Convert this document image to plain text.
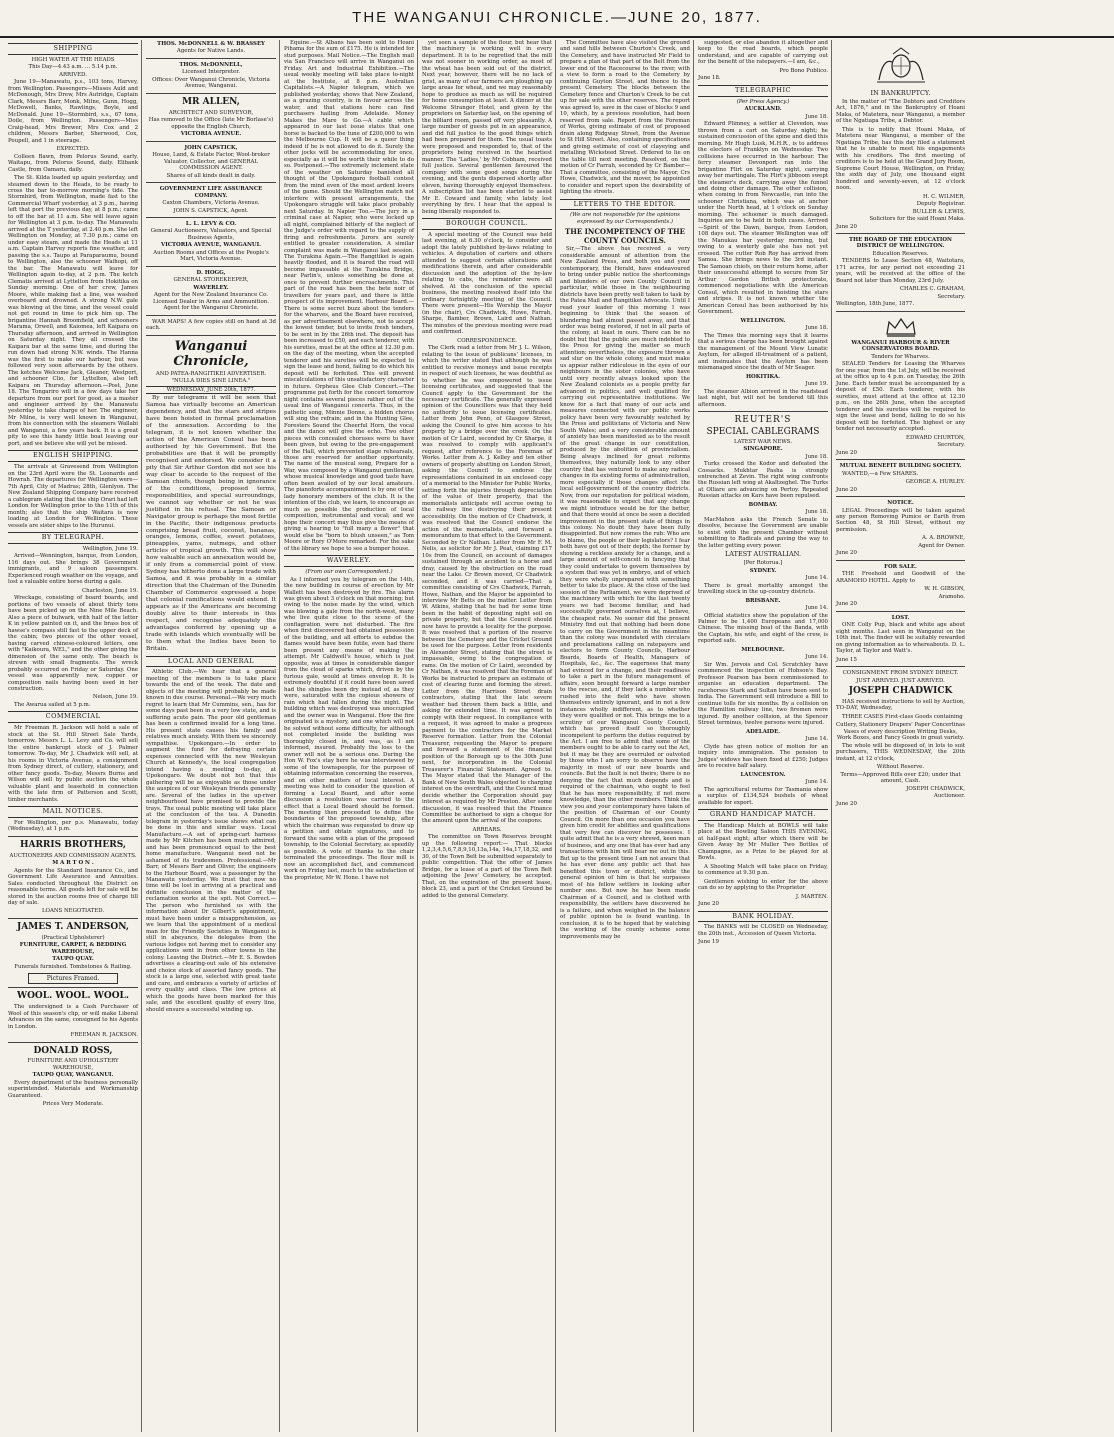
THE WANGANUI CHRONICLE.—JUNE 20, 1877.
SHIPPING
HIGH WATER AT THE HEADS
This Day—4.43 a.m. ... 5.14 p.m.
ARRIVED.
June 19—Manawatu, p.s., 103 tons, Harvey, from Wellington. Passengers—Misses Auld and McDonough, Mrs Drew, Mrs Autridge, Captain Clark, Messrs Barr, Monk, Milne, Gunn, Hogg, McDowell, Banks, Rawlings, Boyle, and McDonald. June 19—Stormbird, s.s., 67 tons, Doile, from Wellington. Passengers—Miss Craig-head, Mrs Brewer, Mrs Cox and 2 children, Messrs Barber, Sherwood, Cox, Poupell, and 1 in steerage.
EXPECTED.
Colleen Bawn, from Pelorus Sound, early. Waitapu, from Pelorus Sound, daily. Elibank Castle, from Oamaru, daily.
The St. Kilda loaded up again yesterday, and steamed down to the Heads, to be ready to cross the bar to-morrow morning's tide. The Stormbird, from Wellington, made fast to the Commercial Wharf yesterday, at 3 p.m., having left that port the previous day, at 8 p.m.; came to off the bar at 11 a.m. She will leave again for Wellington at 3 p.m. to-day. The Manawatu arrived at the T yesterday, at 2.40 p.m. She left Wellington on Monday, at 7.30 p.m.; came on under easy steam, and made the Heads at 11 a.m. Captain Harvey reports fine weather, and passing the s.s. Taupo at Paraparaumu, bound to Wellington, also the schooner Waihopi, off the bar. The Manawatu will leave for Wellington again to-day, at 2 p.m. The ketch Clematis arrived at Lyttelton from Hokitika on Sunday morning. One of her crew, James Moore, while making fast a line, was washed overboard and drowned. A strong N.W. gale was blowing at the time, and the vessel could not get round in time to pick him up. The brigantine Hannah Broomfield, and schooners Marama, Orwell, and Kaiomea, left Kaipara on Thursday afternoon, and arrived in Wellington on Saturday night. They all crossed the Kaipara bar at the same time, and during the run down had strong N.W. winds. The Hanna was the first to make our harbour, but was followed very soon afterwards by the others. The ketches Welcome Jack, Gleaner, Westport, and schooner Clio, for Lyttelton, also left Kaipara on Thursday afternoon.—Post, June 18. The Tongariro will in a few days take her departure from our port for good, as a master and engineer arrived by the Manawatu yesterday to take charge of her. The engineer, Mr Milne, is very well known in Wanganui, from his connection with the steamers Wallabi and Wanganui, a few years back. It is a great pity to see this handy little boat leaving our port, and we believe she will yet be missed.
ENGLISH SHIPPING.
The arrivals at Gravesend from Wellington on the 23rd April were the St. Leonards and Howrah. The departures for Wellington were—7th April, City of Madras; 28th, Glenlyon. The New Zealand Shipping Company have received a cablegram stating that the ship Orari had left London for Wellington prior to the 11th of this month; also that the ship Waitara is now loading at London for Wellington. These vessels are sister ships to the Hurunui.
BY TELEGRAPH.
Wellington, June 19.
Arrived—Wennington, barque, from London, 116 days out. She brings 38 Government immigrants, and 9 saloon passengers. Experienced rough weather on the voyage, and lost a valuable entire horse during a gale.
Charleston, June 19.
Wreckage, consisting of board boards, and portions of two vessels of about thirty tons have been picked up on the Nine Mile Beach. Also a piece of bulwark, with half of the letter K in yellow painted on it, and the brass box of hawse's compass still fast to the upper deck of the cabin; two pieces of the other vessel, having carved chinese-coloured letters, one with "Kaikoura, WEL," and the other giving the dimension of the same only. The beach is strewn with small fragments. The wreck probably occurred on Friday or Saturday. One vessel was apparently new, copper or composition nails having been used in her construction.
Nelson, June 19.
The Awarua sailed at 5 p.m.
COMMERCIAL
Mr Freeman R. Jackson will hold a sale of stock at the St. Hill Street Sale Yards, tomorrow. Messrs L. L. Levy and Co. will sell the entire bankrupt stock of J. Palmer tomorrow. To-day, Mr J. Chadwick will sell, at his rooms in Victoria Avenue, a consignment from Sydney direct, of cutlery, stationery, and other fancy goods. To-day, Messrs Burns and Wilson will sell by public auction the whole valuable plant and leasehold in connection with the late firm of Patterson and Scott, timber merchants.
MAIL NOTICES.
For Wellington, per p.s. Manawatu, today (Wednesday), at 1 p.m.
HARRIS BROTHERS,
AUCTIONEERS AND COMMISSION AGENTS.
M A R T O N .
Agents for the Standard Insurance Co., and Government Life Assurance and Annuities. Sales conducted throughout the District on reasonable terms. All goods left for sale will be stored in the auction rooms free of charge till day of sale.
LOANS NEGOTIATED.
JAMES T. ANDERSON,
(Practical Upholsterer)
FURNITURE, CARPET, & BEDDING WAREHOUSE,
TAUPO QUAY.
Funerals furnished. Tombstones & Railing.
Pictures Framed.
WOOL. WOOL. WOOL.
The undersigned is a Cash Purchaser of Wool of this season's clip, or will make Liberal Advances on the same, consigned to his Agents in London.
FREEMAN R. JACKSON.
DONALD ROSS,
FURNITURE AND UPHOLSTERY WAREHOUSE,
TAUPO QUAY, WANGANUI.
Every department of the business personally superintended. Materials and Workmanship Guaranteed.
Prices Very Moderate.
THOS. McDONNELL & W. BRASSEY
Agents for Native Lands.
THOS. McDONNELL,
Licensed Interpreter.
Offices: Over Wanganui Chronicle, Victoria Avenue, Wanganui.
MR ALLEN,
ARCHITECT AND SURVEYOR,
Has removed to the Office (late Mr Borlase's) opposite the English Church,
VICTORIA AVENUE.
JOHN CAPSTICK,
House, Land, & Estate Factor, Wool-broker Valuator, Collector, and GENERAL COMMISSION AGENT.
Shares of all kinds dealt in daily.
GOVERNMENT LIFE ASSURANCE COMPANY.
Caxton Chambers, Victoria Avenue.
JOHN S. CAPSTICK, Agent.
L. L. LEVY & CO.
General Auctioneers, Valuators, and Special Business Agents,
VICTORIA AVENUE, WANGANUI.
Auction Rooms and Offices at the People's Mart, Victoria Avenue.
D. HOGG,
GENERAL STOREKEEPER,
WAVERLEY.
Agent for the New Zealand Insurance Co. Licensed Dealer in Arms and Ammunition. Agent for the Wanganui Chronicle.
WAR MAPS! A few copies still on hand at 3d each.
Wanganui Chronicle,
AND PATEA-RANGITIKEI ADVERTISER.
"NULLA DIES SINE LINEA."
WEDNESDAY, JUNE 20th, 1877.
By our telegrams it will be seen that Samoa has virtually become an American dependency, and that the stars and stripes have been hoisted in formal proclamation of the annexation. According to the telegram, it is not known whether the action of the American Consul has been authorised by his Government. But the probabilities are that it will be promptly recognised and endorsed. We consider it a pity that Sir Arthur Gordon did not see his way clear to accede to the request of the Samoan chiefs, though being in ignorance of the conditions, proposed terms, responsibilities, and special surroundings, we cannot say whether or not he was justified in his refusal. The Samoan or Navigator group is perhaps the most fertile in the Pacific, their indigenous products comprising bread fruit, coconut, bananas, oranges, lemons, coffee, sweet potatoes, pineapples, yams, nutmegs, and other articles of tropical growth. This will show how valuable such an annexation would be, if only from a commercial point of view. Sydney has hitherto done a large trade with Samoa, and it was probably in a similar direction that the Chairman of the Dunedin Chamber of Commerce expressed a hope that colonial ramifications would extend. It appears as if the Americans are becoming doubly alive to their interests in this respect, and recognise adequately the advantages conferred by opening up a trade with islands which eventually will be to them what the Indies have been to Britain.
LOCAL AND GENERAL
Athletic Club.—We hear that a general meeting of the members is to take place towards the end of the week. The date and objects of the meeting will probably be made known in due course. Personal.—We very much regret to learn that Mr Cummins, sen., has for some days past been in a very low state, and is suffering acute pain. The poor old gentleman has been a confirmed invalid for a long time. His present state causes his family and relatives much anxiety. With them we sincerely sympathise. Upokongaro.—In order to augment the fund for defraying certain expenses connected with the new Wesleyan Church at Kennedy's, the local congregation intend having a meeting to-day, at Upokongaro. We doubt not but that this gathering will be as enjoyable as those under the auspices of our Wesleyan friends generally are. Several of the ladies in the up-river neighbourhood have promised to provide the trays. The usual public meeting will take place at the conclusion of the tea. A Dunedin telegram in yesterday's issue shows what can be done in this and similar ways. Local Manufacture.—A set of spring-cart harness made by Mr Kitchen has been much admired, and has been pronounced equal to the best home manufacture. Wanganui need not be ashamed of its tradesmen. Professional.—Mr Barr, of Messrs Barr and Oliver, the engineers to the Harbour Board, was a passenger by the Manawatu yesterday. We trust that now no time will be lost in arriving at a practical and definite conclusion in the matter of the reclamation works at the spit. Not Correct.—The person who furnished us with the information about Dr Gilbert's appointment, must have been under a misapprehension, as we learn that the appointment of a medical man for the Friendly Societies in Wanganui is still in abeyance, the delegates from the various lodges not having met to consider any applications sent in from other towns in the colony. Leaving the District.—Mr E. S. Bowden advertises a clearing-out sale of his extensive and choice stock of assorted fancy goods. The stock is a large one, selected with great taste and care, and embraces a variety of articles of every quality and class. The low prices at which the goods have been marked for this sale, and the excellent quality of every line, should ensure a successful winding up.
Equine.—St Albans has been sold to Hoani Pihama for the sum of £175. He is intended for stud purposes. Mail Notice.—The English mail via San Francisco will arrive in Wanganui on Friday. Art and Industrial Exhibition.—The usual weekly meeting will take place to-night at the Institute, at 8 p.m. Australian Capitalists.—A Napier telegram, which we published yesterday, shows that New Zealand, as a grazing country, is in favour across the water, and that stations here can find purchasers hailing from Adelaide. Money Makes the Mare to Go.—A cable which appeared in our last issue states that one horse is backed to the tune of £200,000 to win the Melbourne Cup. It will be a queer thing indeed if he is not allowed to do it. Surely the other jocks will be accommodating for once, especially as it will be worth their while to do so. Postponed.—The extremely inclement state of the weather on Saturday banished all thought of the Upokongaro football contest from the mind even of the most ardent lovers of the game. Should the Wellington match not interfere with present arrangements, the Upokongaro struggle will take place probably next Saturday. In Napier Too.—The jury in a criminal case at Napier, who were locked up all night, complained bitterly of the neglect of the Judge's order with regard to the supply of firing and refreshments. Jurors are surely entitled to greater consideration. A similar complaint was made in Wanganui last session. The Turakina Again.—The Rangitikei is again heavily flooded, and it is feared the road will become impassable at the Turakina Bridge, near Parlin's, unless something be done at once to prevent further encroachments. This part of the road has been the bete noir of travellers for years past, and there is little prospect of its improvement. Harbour Board.—There is some secret buzz about the tenders for the wharves, and the Board have received, as per advertisement elsewhere, not to accept the lowest tender, but to invite fresh tenders, to be sent in by the 26th inst. The deposit has been increased to £50, and each tenderer, with his sureties, must be at the office at 12.30 p.m. on the day of the meeting, when the accepted tenderer and his sureties will be expected to sign the lease and bond, failing to do which his deposit will be forfeited. This will prevent miscalculations of this unsatisfactory character in future. Orpheus Glee Club Concert.—The programme put forth for the concert tomorrow night contains several pieces rather out of the usual line of Wanganui concerts. Thus, in the pathetic song, Minnie Donne, a hidden chorus will sing the refrain; and in the Hunting Glee, Foresters Sound the Cheerful Horn, the vocal and the dance will give the echo. Two other pieces with concealed choruses were to have been given, but owing to the pre-engagement of the Hall, which prevented stage rehearsals, those are reserved for another opportunity. The name of the musical song, Prepare for a War, was composed by a Wanganui gentleman, whose musical knowledge and good taste have often been availed of by our local amateurs. The pianoforte accompaniment is by one of the lady honorary members of the club. It is the intention of the club, we learn, to encourage as much as possible the production of local composition, instrumental and vocal; and we hope their concert may thus give the means of giving a hearing to "full many a flower" that would else be "born to blush unseen," as Tom Moore or Rory O'More remarked. For the sake of the library we hope to see a bumper house.
WAVERLEY.
(From our own Correspondent.)
As I informed you by telegram on the 14th, the new building in course of erection by Mr Wallett has been destroyed by fire. The alarm was given about 3 o'clock on that morning; but owing to the noise made by the wind, which was blowing a gale from the north-west, many who live quite close to the scene of the conflagration were not disturbed. The fire when first discovered had obtained possession of the building, and all efforts to subdue the flames would have been futile, even had there been present any means of making the attempt. Mr Caldwell's house, which is just opposite, was at times in considerable danger from the cloud of sparks which, driven by the furious gale, would at times envelop it. It is extremely doubtful if it could have been saved had the shingles been dry instead of, as they were, saturated with the copious showers of rain which had fallen during the night. The building which was destroyed was unoccupied and the owner was in Wanganui. How the fire originated is a mystery, and one which will not be solved without some difficulty, for although not completed inside the building was thoroughly closed in, and was, as I am informed, insured. Probably the loss to the owner will not be a serious one. During the Hon W. Fox's stay here he was interviewed by some of the townspeople, for the purpose of obtaining information concerning the reserves, and on other matters of local interest. A meeting was held to consider the question of forming a Local Board, and after some discussion a resolution was carried to the effect that a Local Board should be formed. The meeting then proceeded to define the boundaries of the proposed township, after which the chairman was requested to draw up a petition and obtain signatures, and to forward the same with a plan of the proposed township, to the Colonial Secretary, as speedily as possible. A vote of thanks to the chair terminated the proceedings. The flour mill is now an accomplished fact, and commenced work on Friday last, much to the satisfaction of the proprietor, Mr W. Hone. I have not
yet seen a sample of the flour, but hear that the machinery is working well in every department. It is to be regretted that the mill was not sooner in working order, as most of the wheat has been sold out of the district. Next year, however, there will be no lack of grist, as many of our farmers are ploughing up large areas for wheat, and we may reasonably hope to produce as much as will be required for home consumption at least. A dinner at the Welcome Stranger Hotel, and given by the proprietors on Saturday last, on the opening of the billiard room, passed off very pleasantly. A large number of guests put in an appearance, and did full justice to the good things which had been prepared for them. The usual toasts were proposed and responded to, that of the proprietors being received in the heartiest manner. The 'Ladies,' by Mr Cobham, received full justice. Several gentlemen favoured the company with some good songs during the evening, and the gents dispersed shortly after eleven, having thoroughly enjoyed themselves. A subscription list has been started to assist Mr E. Coward and family, who lately lost everything by fire. I hear that the appeal is being liberally responded to.
BOROUGH COUNCIL.
A special meeting of the Council was held last evening, at 6.30 o'clock, to consider and adopt the lately published by-laws relating to vehicles. A deputation of carters and others attended to suggest certain alterations and modifications therein, and after considerable discussion and the adoption of the by-law relating to cabs, the remainder were all shelved. At the conclusion of the special business, the meeting resolved itself into the ordinary fortnightly meeting of the Council. There were present—His Worship the Mayor (in the chair), Crs Chadwick, Howe, Farrah, Sharpe, Bamber, Brown, Laird and Nathan. The minutes of the previous meeting were read and confirmed.
CORRESPONDENCE.
The Clerk read a letter from Mr J. L. Wilson, relating to the issue of publicans' licenses, in which the writer stated that although he was entitled to receive moneys and issue receipts in respect of such licenses, he was doubtful as to whether he was empowered to issue licensing certificates, and suggested that the Council apply to the Government for the necessary certificate. The generally expressed opinion of the Councillors was that they held no authority to issue licensing certificates. Letter from John Penn, of Glasgow Street, asking the Council to give him access to his property by a bridge over the creek. On the motion of Cr Laird, seconded by Cr Sharpe, it was resolved to comply with applicant's request, after reference to the Foreman of Works. Letter from A. J. Kelley and ten other owners of property abutting on London Street, asking the Council to endorse the representations contained in an enclosed copy of a memorial to the Minister for Public Works, setting forth the injuries through depreciation of the value of their property, that the memorialists anticipate will accrue owing to the railway line destroying their present accessibility. On the motion of Cr Chadwick, it was resolved that the Council endorse the action of the memorialists, and forward a memorandum to that effect to the Government. Seconded by Cr Nathan. Letter from Mr F. M. Nelis, as solicitor for Mr J. Peat, claiming £17 10s from the Council, on account of damages sustained through an accident to a horse and dray, caused by the obstruction on the road near the Lake. Cr Brown moved, Cr Chadwick seconded, and it was carried—That a committee consisting of Crs Chadwick, Farrah, Howe, Nathan, and the Mayor be appointed to interview Mr Betts on the matter. Letter from W. Atkins, stating that he had for some time been in the habit of depositing night soil on private property, but that the Council should now have to provide a locality for the purpose. It was resolved that a portion of the reserve between the Cemetery and the Cricket Ground be used for the purpose. Letter from residents in Alexander Street, stating that the street is impassable, owing to the congregation of rams. On the motion of Cr Laird, seconded by Cr Nathan, it was resolved that the Foreman of Works be instructed to prepare an estimate of cost of clearing furze and forming the street. Letter from the Harrison Street drain contractors, stating that the late severe weather had thrown them back a little, and asking for extended time. It was agreed to comply with their request. In compliance with a request, it was agreed to make a progress payment to the contractors for the Market Reserve formation. Letter from the Colonial Treasurer, requesting the Mayor to prepare and forward a statement of the financial position of the Borough up to the 30th June next, for incorporation in the Colonial Treasurer's Financial Statement. Agreed to. The Mayor stated that the Manager of the Bank of New South Wales objected to charging interest on the overdraft, and the Council must decide whether the Corporation should pay interest as required by Mr Preston. After some discussion, it was resolved that the Finance Committee be authorised to sign a cheque for the amount upon the arrival of the coupons.
ARREARS.
The committee on Town Reserves brought up the following report:— That blocks 1,2,3,4,5,6,7,8,9,10,13a,14a, 14a,17,18,32, and 30, of the Town Belt be submitted separately to public competition. That the offer of James Bridge, for a lease of a part of the Town Belt adjoining the Jews' Cemetery, be accepted. That, on the expiration of the present lease, block 23, and a part of the Cricket Ground be added to the general Cemetery.
The Committee have also visited the ground and sand hills between Churton's Creek, and the Cemetery, and have instructed Mr Field to prepare a plan of that part of the Belt from the lower end of the Racecourse to the river, with a view to form a road to the Cemetery by continuing Guyton Street, and thence to the present Cemetery. The blocks between the Cemetery fence and Churton's Creek to be cut up for sale with the other reserves. The report was agreed to, save in the case of blocks 9 and 10, which, by a previous resolution, had been reserved from sale. Report from the Foreman of Works, giving estimate of cost of proposed drain along Ridgway Street, from the Avenue to St Hill Street. Also, containing specifications and giving estimate of cost of clayeying and metalling Wicksteed Street. Ordered to lie on the table till next meeting. Resolved, on the motion of Cr Farrah, seconded by Cr Bamber—That a committee, consisting of the Mayor, Crs Howe, Chadwick, and the mover, be appointed to consider and report upon the desirability of lighting the streets.
LETTERS TO THE EDITOR.
(We are not responsible for the opinions expressed by our Correspondents.)
THE INCOMPETENCY OF THE COUNTY COUNCILS.
Sir,—The above has received a very considerable amount of attention from the New Zealand Press, and both you and your contemporary, the Herald, have endeavoured to bring under public notice the shortcomings and blunders of our own County Council in particular, while those in the neighbouring districts have been pretty well taken to task by the Patea Mail and Rangitikei Advocate. Until I read your leader of this morning I was beginning to think that the season of blundering had almost passed away, and that order was being restored, if not in all parts of the colony, at least in ours. There can be no doubt but that the public are much indebted to the Press for giving the matter so much attention; nevertheless, the exposure thrown a sad slur on the whole colony, and must make us appear rather ridiculous in the eyes of our neighbours in the sister colonies, who have until very recently always looked upon the New Zealand colonists as a people pretty far advanced in politics, and well qualified for carrying out representative institutions. We know for a fact that many of our acts and measures connected with our public works policy have been very favourably watched by the Press and politicians of Victoria and New South Wales; and a very considerable amount of anxiety has been manifested as to the result of the great change in our constitution, produced by the abolition of provincialism. Being always inclined for great reforms themselves, they naturally look to any other country that has ventured to make any radical changes in its existing forms of administration, more especially if those changes affect the local self-government of the country districts. Now, from our reputation for political wisdom, it was reasonable to expect that any change we might introduce would be for the better, and that there would at once be seen a decided improvement in the present state of things in this colony. No doubt they have been fully disappointed. But now comes the rub: Who are to blame, the people or their legislators? I fear both have got out of their depth; the former by showing a reckless anxiety for a change, and a large amount of self-conceit in fancying that they could undertake to govern themselves by a system that was yet in embryo, and of which they were wholly unprepared with something better to take its place. At the close of the last session of the Parliament, we were deprived of the machinery with which for the last twenty years we had become familiar, and had successfully governed ourselves at, I believe, the cheapest rate. No sooner did the present Ministry find out that nothing had been done to carry on the Government in the meantime than the colony was inundated with circulars and proclamations calling on ratepayers and electors to form County Councils, Harbour Boards, Boards of Health, Managers of Hospitals, &c., &c. The eagerness that many had evinced for a change, and their readiness to take a part in the future management of affairs, soon brought forward a large number to the rescue, and, if they lack a number who rushed into the field who have shown themselves entirely ignorant, and in not a few instances wholly indifferent, as to whether they were qualified or not. This brings me to a scrutiny of our Wanganui County Council, which has proved itself so thoroughly incompetent to perform the duties required by the Act. I am free to admit that some of the members ought to be able to carry out the Act, but it may be they are overruled or outvoted by those who I am sorry to observe have the majority in most of our new boards and councils. But the fault is not theirs; there is no denying the fact that much depends and is required of the chairman, who ought to feel that he has more responsibility, if not more knowledge, than the other members. Think the view you and your contemporary have taken of the position of Chairman of our County Council. On more than one occasion you have given him credit for abilities and qualifications that very few can discover he possesses. I quite admit that he is a very shrewd, keen man of business, and any one that has ever had any transactions with him will bear me out in this. But up to the present time I am not aware that he has ever done any public act that has benefited this town or district, while the general opinion of him is that he surpasses most of his fellow settlers in looking after number one. But now he has been made Chairman of a Council, and is clothed with responsibility, the settlers have discovered he is a failure, and when weighed in the balance of public opinion he is found wanting. In conclusion, it is to be hoped that by watching the working of the county scheme some improvements may be
suggested, or else abandon it altogether and keep to the road boards, which people understand, and are capable of carrying out for the benefit of the ratepayers.—I am, &c.,
Pro Bono Publico.
June 18.
TELEGRAPHIC
(Per Press Agency.)
AUCKLAND.
June 18.
Edward Plimney, a settler at Clevedon, was thrown from a cart on Saturday night; he sustained concussion of the spine and died this morning. Mr Hugh Lusk, M.H.R., is to address the electors of Franklyn on Wednesday. Two collisions have occurred in the harbour. The ferry steamer Devonport ran into the brigantine Flirt on Saturday night, carrying away her martingale. The Flirt's jibboom swept the steamer's deck, carrying away the funnel and doing other damage. The other collision, when coming in from Newcastle, ran into the schooner Christiana, which was at anchor under the North head, at 1 o'clock on Sunday morning. The schooner is much damaged. Inquiries are to be held in both cases. Arrived—Spirit of the Dawn, barque, from London, 108 days out. The steamer Wellington was off the Manukau bar yesterday morning, but owing to a westerly gale she has not yet crossed. The cutter Rob Roy has arrived from Samoa. She brings news to the 3rd instant. The Samoan chiefs, on their return home, after their unsuccessful attempt to secure from Sir Arthur Gordon British protectorate, commenced negotiations with the American Consul, which resulted in hoisting the stars and stripes. It is not known whether the American Consul has been authorised by his Government.
WELLINGTON.
June 18.
The Times this morning says that it learns that a serious charge has been brought against the management of the Mount View Lunatic Asylum, for alleged ill-treatment of a patient, and insinuates that the Asylum has been mismanaged since the death of Mr Seager.
HOKITIKA.
June 19.
The steamer Albion arrived in the roadstead last night, but will not be tendered till this afternoon.
REUTER'S
SPECIAL CABLEGRAMS
LATEST WAR NEWS.
SINGAPORE.
June 18.
Turks crossed the Kodor and defeated the Cossacks. Mukhtar Pasha is strongly entrenched at Zevin. The right wing confronts the Russian left wing at Akaltzeghel. The Turks at Olliare are advancing on Pertoy. Repeated Russian attacks on Kars have been repulsed.
BOMBAY.
June 18.
MacMahon asks the French Senate to dissolve, because the Government are unable to exist with the present Chamber without submitting to Radicals and paving the way to the latter getting every power.
LATEST AUSTRALIAN.
[Per Rotorua.]
SYDNEY.
June 14.
There is great mortality amongst the travelling stock in the up-country districts.
BRISBANE.
June 14.
Official statistics show the population of the Palmer to be 1,400 Europeans and 17,000 Chinese. The missing boat of the Banda, with the Captain, his wife, and eight of the crew, is reported safe.
MELBOURNE.
June 14.
Sir Wm. Jervois and Col. Scratchley have commenced the inspection of Hobson's Bay. Professor Pearson has been commissioned to organise an education department. The racehorses Stark and Sultan have been sent to India. The Government will introduce a Bill to continue tolls for six months. By a collision on the Hamilton railway line, two firemen were injured. By another collision, at the Spencer Street terminus, twelve persons were injured.
ADELAIDE.
June 14.
Clyde has given notice of motion for an inquiry into immigration. The pension to Judges' widows has been fixed at £250; Judges are to receive half salary.
LAUNCESTON.
June 14.
The agricultural returns for Tasmania show a surplus of £134,524 bushels of wheat available for export.
GRAND HANDICAP MATCH.
The Handicap Match at BOWLS will take place at the Bowling Saloon THIS EVENING, at half-past eight; after which there will be Given Away by Mr Muller Two Bottles of Champagne, as a Prize to be played for at Bowls.
A Shooting Match will take place on Friday, to commence at 9.30 p.m.
Gentlemen wishing to enter for the above can do so by applying to the Proprietor
J. MARTEN.
June 20
BANK HOLIDAY.
The BANKS will be CLOSED on Wednesday, the 20th inst., Accession of Queen Victoria.
June 19
IN BANKRUPTCY.
In the matter of "The Debtors and Creditors Act, 1876," and in the Bankruptcy of Hoani Maka, of Matetera, near Wanganui, a member of the Ngatiapa Tribe, a Debtor.
This is to notify that Hoani Maka, of Matetera near Wanganui, a member of the Ngatiapa Tribe, has this day filed a statement that he is unable to meet his engagements with his creditors. The first meeting of creditors is to be held at the Grand Jury Room, Supreme Court House, Wellington, on Friday, the sixth day of July, one thousand eight hundred and seventy-seven, at 12 o'clock noon.
H. C. WILMER,
Deputy Registrar.
BULLER & LEWIS,
Solicitors for the said Hoani Maka.
June 20
THE BOARD OF THE EDUCATION DISTRICT OF WELLINGTON.
Education Reserves.
TENDERS to Lease Section 48, Waitotara, 171 acres, for any period not exceeding 21 years, will be received at the office of the Board not later than Monday, 23rd July.
CHARLES C. GRAHAM,
Secretary.
Wellington, 18th June, 1877.
WANGANUI HARBOUR & RIVER CONSERVATORS BOARD.
Tenders for Wharves.
SEALED Tenders for Leasing the Wharves for one year, from the 1st July, will be received at the office up to 4 p.m. on Tuesday, the 26th June. Each tender must be accompanied by a deposit of £50. Each tenderer, with his sureties, must attend at the office at 12.30 p.m., on the 26th June, when the accepted tenderer and his sureties will be required to sign the lease and bond, failing to do so his deposit will be forfeited. The highest or any tender not necessarily accepted.
EDWARD CHURTON,
Secretary.
June 20
MUTUAL BENEFIT BUILDING SOCIETY.
WANTED,—a Few SHARES.
GEORGE A. HURLEY.
June 20
NOTICE.
LEGAL Proceedings will be taken against any person Removing Pumice or Earth from Section 48, St Hill Street, without my permission.
A. A. BROWNE,
Agent for Owner.
June 20
FOR SALE.
THE Freehold and Goodwill of the ARAMOHO HOTEL. Apply to
W. H. GIBSON,
Aramoho.
June 20
LOST.
ONE Colly Pup, black and white age about eight months. Last seen in Wanganui on the 10th inst. The finder will be suitably rewarded on giving information as to whereabouts. D. L. Taylor, at Taylor and Watt's.
June 15
CONSIGNMENT FROM SYDNEY DIRECT.
JUST ARRIVED. JUST ARRIVED.
JOSEPH CHADWICK
HAS received instructions to sell by Auction, TO-DAY, Wednesday,
THREE CASES First-class Goods containing
Cutlery, Stationery Drapers' Paper Concertinas Vases of every description Writing Desks, Work Boxes, and Fancy Goods in great variety.
The whole will be disposed of, in lots to suit purchasers, THIS WEDNESDAY, the 20th instant, at 12 o'clock,
Without Reserve.
Terms—Approved Bills over £20; under that amount, Cash.
JOSEPH CHADWICK,
Auctioneer.
June 20
